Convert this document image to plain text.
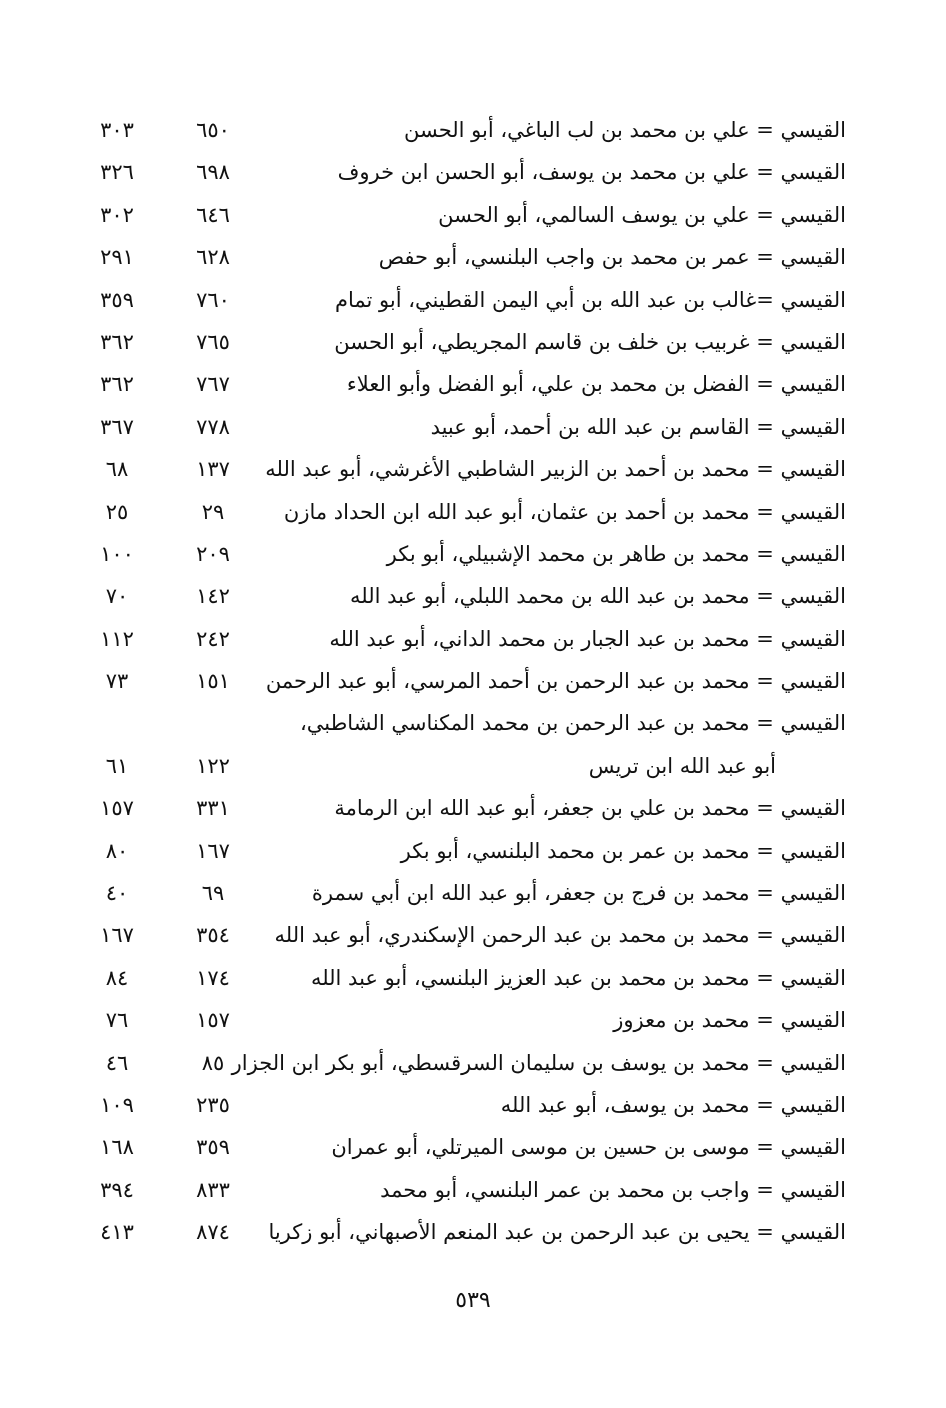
القيسي = علي بن محمد بن لب الباغي، أبو الحسن
٦٥٠
٣٠٣
القيسي = علي بن محمد بن يوسف، أبو الحسن ابن خروف
٦٩٨
٣٢٦
القيسي = علي بن يوسف السالمي، أبو الحسن
٦٤٦
٣٠٢
القيسي = عمر بن محمد بن واجب البلنسي، أبو حفص
٦٢٨
٢٩١
القيسي =غالب بن عبد الله بن أبي اليمن القطيني، أبو تمام
٧٦٠
٣٥٩
القيسي = غربيب بن خلف بن قاسم المجريطي، أبو الحسن
٧٦٥
٣٦٢
القيسي = الفضل بن محمد بن علي، أبو الفضل وأبو العلاء
٧٦٧
٣٦٢
القيسي = القاسم بن عبد الله بن أحمد، أبو عبيد
٧٧٨
٣٦٧
القيسي = محمد بن أحمد بن الزبير الشاطبي الأغرشي، أبو عبد الله
١٣٧
٦٨
القيسي = محمد بن أحمد بن عثمان، أبو عبد الله ابن الحداد مازن
٢٩
٢٥
القيسي = محمد بن طاهر بن محمد الإشبيلي، أبو بكر
٢٠٩
١٠٠
القيسي = محمد بن عبد الله بن محمد اللبلي، أبو عبد الله
١٤٢
٧٠
القيسي = محمد بن عبد الجبار بن محمد الداني، أبو عبد الله
٢٤٢
١١٢
القيسي = محمد بن عبد الرحمن بن أحمد المرسي، أبو عبد الرحمن
١٥١
٧٣
القيسي = محمد بن عبد الرحمن بن محمد المكناسي الشاطبي،
أبو عبد الله ابن تريس
١٢٢
٦١
القيسي = محمد بن علي بن جعفر، أبو عبد الله ابن الرمامة
٣٣١
١٥٧
القيسي = محمد بن عمر بن محمد البلنسي، أبو بكر
١٦٧
٨٠
القيسي = محمد بن فرج بن جعفر، أبو عبد الله ابن أبي سمرة
٦٩
٤٠
القيسي = محمد بن محمد بن عبد الرحمن الإسكندري، أبو عبد الله
٣٥٤
١٦٧
القيسي = محمد بن محمد بن عبد العزيز البلنسي، أبو عبد الله
١٧٤
٨٤
القيسي = محمد بن معزوز
١٥٧
٧٦
القيسي = محمد بن يوسف بن سليمان السرقسطي، أبو بكر ابن الجزار
٨٥
٤٦
القيسي = محمد بن يوسف، أبو عبد الله
٢٣٥
١٠٩
القيسي = موسى بن حسين بن موسى الميرتلي، أبو عمران
٣٥٩
١٦٨
القيسي = واجب بن محمد بن عمر البلنسي، أبو محمد
٨٣٣
٣٩٤
القيسي = يحيى بن عبد الرحمن بن عبد المنعم الأصبهاني، أبو زكريا
٨٧٤
٤١٣
٥٣٩
